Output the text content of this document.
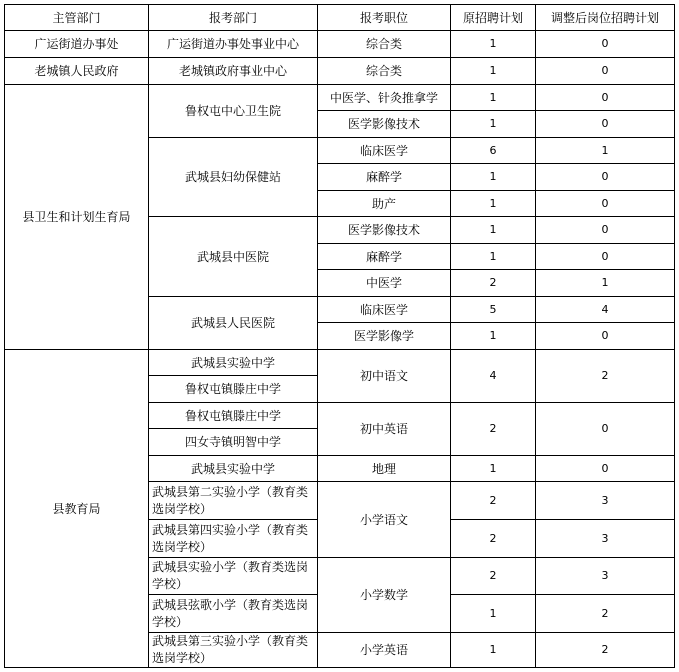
主管部门	报考部门	报考职位	原招聘计划	调整后岗位招聘计划
广运街道办事处	广运街道办事处事业中心	综合类	1	0
老城镇人民政府	老城镇政府事业中心	综合类	1	0
县卫生和计划生育局	鲁权屯中心卫生院	中医学、针灸推拿学	1	0
		医学影像技术	1	0
	武城县妇幼保健站	临床医学	6	1
		麻醉学	1	0
		助产	1	0
	武城县中医院	医学影像技术	1	0
		麻醉学	1	0
		中医学	2	1
	武城县人民医院	临床医学	5	4
		医学影像学	1	0
县教育局	武城县实验中学	初中语文	4	2
	鲁权屯镇滕庄中学			
	鲁权屯镇滕庄中学	初中英语	2	0
	四女寺镇明智中学			
	武城县实验中学	地理	1	0
	武城县第二实验小学（教育类选岗学校）	小学语文	2	3
	武城县第四实验小学（教育类选岗学校）		2	3
	武城县实验小学（教育类选岗学校）	小学数学	2	3
	武城县弦歌小学（教育类选岗学校）		1	2
	武城县第三实验小学（教育类选岗学校）	小学英语	1	2
